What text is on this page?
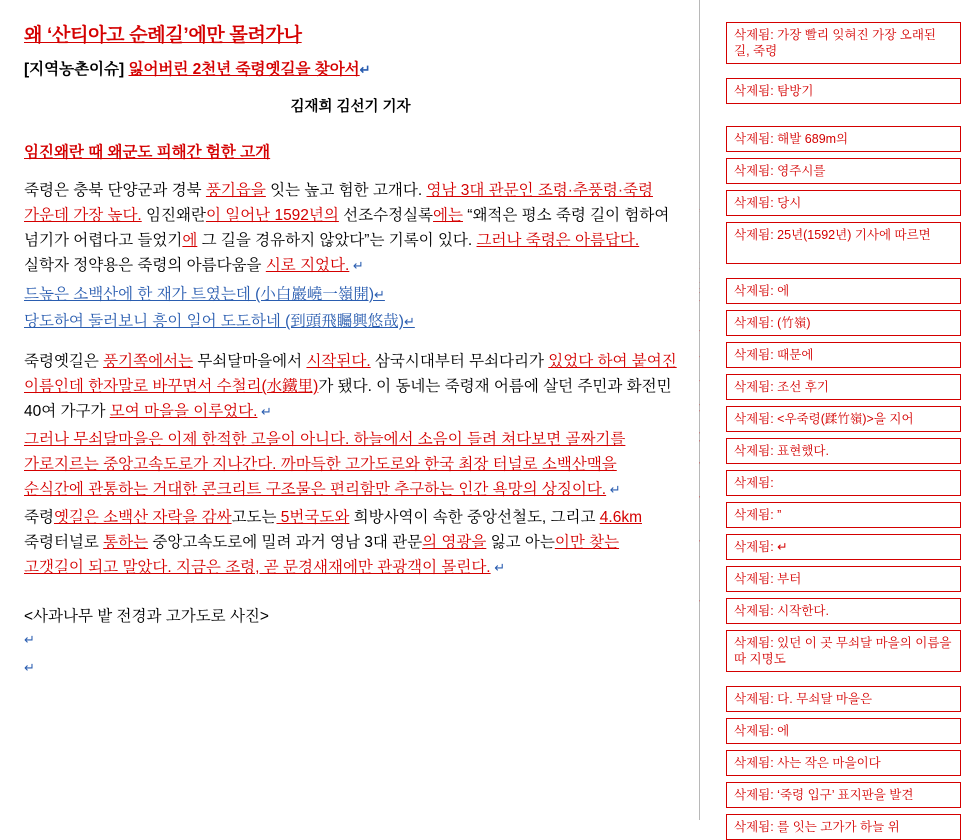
왜 ‘산티아고 순례길’에만 몰려가나
[지역농촌이슈] 잃어버린 2천년 죽령옛길을 찾아서↵
김재희 김선기 기자
임진왜란 때 왜군도 피해간 험한 고개
죽령은 충북 단양군과 경북 풍기읍을 잇는 높고 험한 고개다. 영남 3대 관문인 조령·추풍령·죽령 가운데 가장 높다. 임진왜란이 일어난 1592년의 선조수정실록에는 “왜적은 평소 죽령 길이 험하여 넘기가 어렵다고 들었기에 그 길을 경유하지 않았다”는 기록이 있다. 그러나 죽령은 아름답다. 실학자 정약용은 죽령의 아름다움을 시로 지었다. ↵
드높은 소백산에 한 재가 트였는데 (小白巖嶢一嶺開)↵
당도하여 둘러보니 흥이 일어 도도하네 (到頭飛矚興悠哉)↵
죽령옛길은 풍기쪽에서는 무쇠달마을에서 시작된다. 삼국시대부터 무쇠다리가 있었다 하여 붙여진 이름인데 한자말로 바꾸면서 수철리(水鐵里)가 됐다. 이 동네는 죽령재 어름에 살던 주민과 화전민 40여 가구가 모여 마을을 이루었다. ↵
그러나 무쇠달마을은 이제 한적한 고을이 아니다. 하늘에서 소음이 들려 쳐다보면 골짜기를 가로지르는 중앙고속도로가 지나간다. 까마득한 고가도로와 한국 최장 터널로 소백산맥을 순식간에 관통하는 거대한 콘크리트 구조물은 편리함만 추구하는 인간 욕망의 상징이다. ↵
죽령옛길은 소백산 자락을 감싸고도는 5번국도와 희방사역이 속한 중앙선철도, 그리고 4.6km 죽령터널로 통하는 중앙고속도로에 밀려 과거 영남 3대 관문의 영광을 잃고 아는이만 찾는 고갯길이 되고 말았다. 지금은 조령, 곧 문경새재에만 관광객이 몰린다. ↵
<사과나무 밭 전경과 고가도로 사진>
↵
↵
삭제됨: 가장 빨리 잊혀진 가장 오래된 길, 죽령
삭제됨: 탐방기
삭제됨: 해발 689m의
삭제됨: 영주시를
삭제됨: 당시
삭제됨: 25년(1592년) 기사에 따르면
삭제됨: 에
삭제됨: (竹嶺)
삭제됨: 때문에
삭제됨: 조선 후기
삭제됨: <우죽령(蹂竹嶺)>을 지어
삭제됨: 표현했다.
삭제됨:
삭제됨: ”
삭제됨: ↵
삭제됨: 부터
삭제됨: 시작한다.
삭제됨: 있던 이 곳 무쇠달 마을의 이름을 따 지명도
삭제됨: 다. 무쇠달 마을은
삭제됨: 에
삭제됨: 사는 작은 마을이다
삭제됨: ‘죽령 입구’ 표지판을 발견
삭제됨: 를 잇는 고가가 하늘 위
